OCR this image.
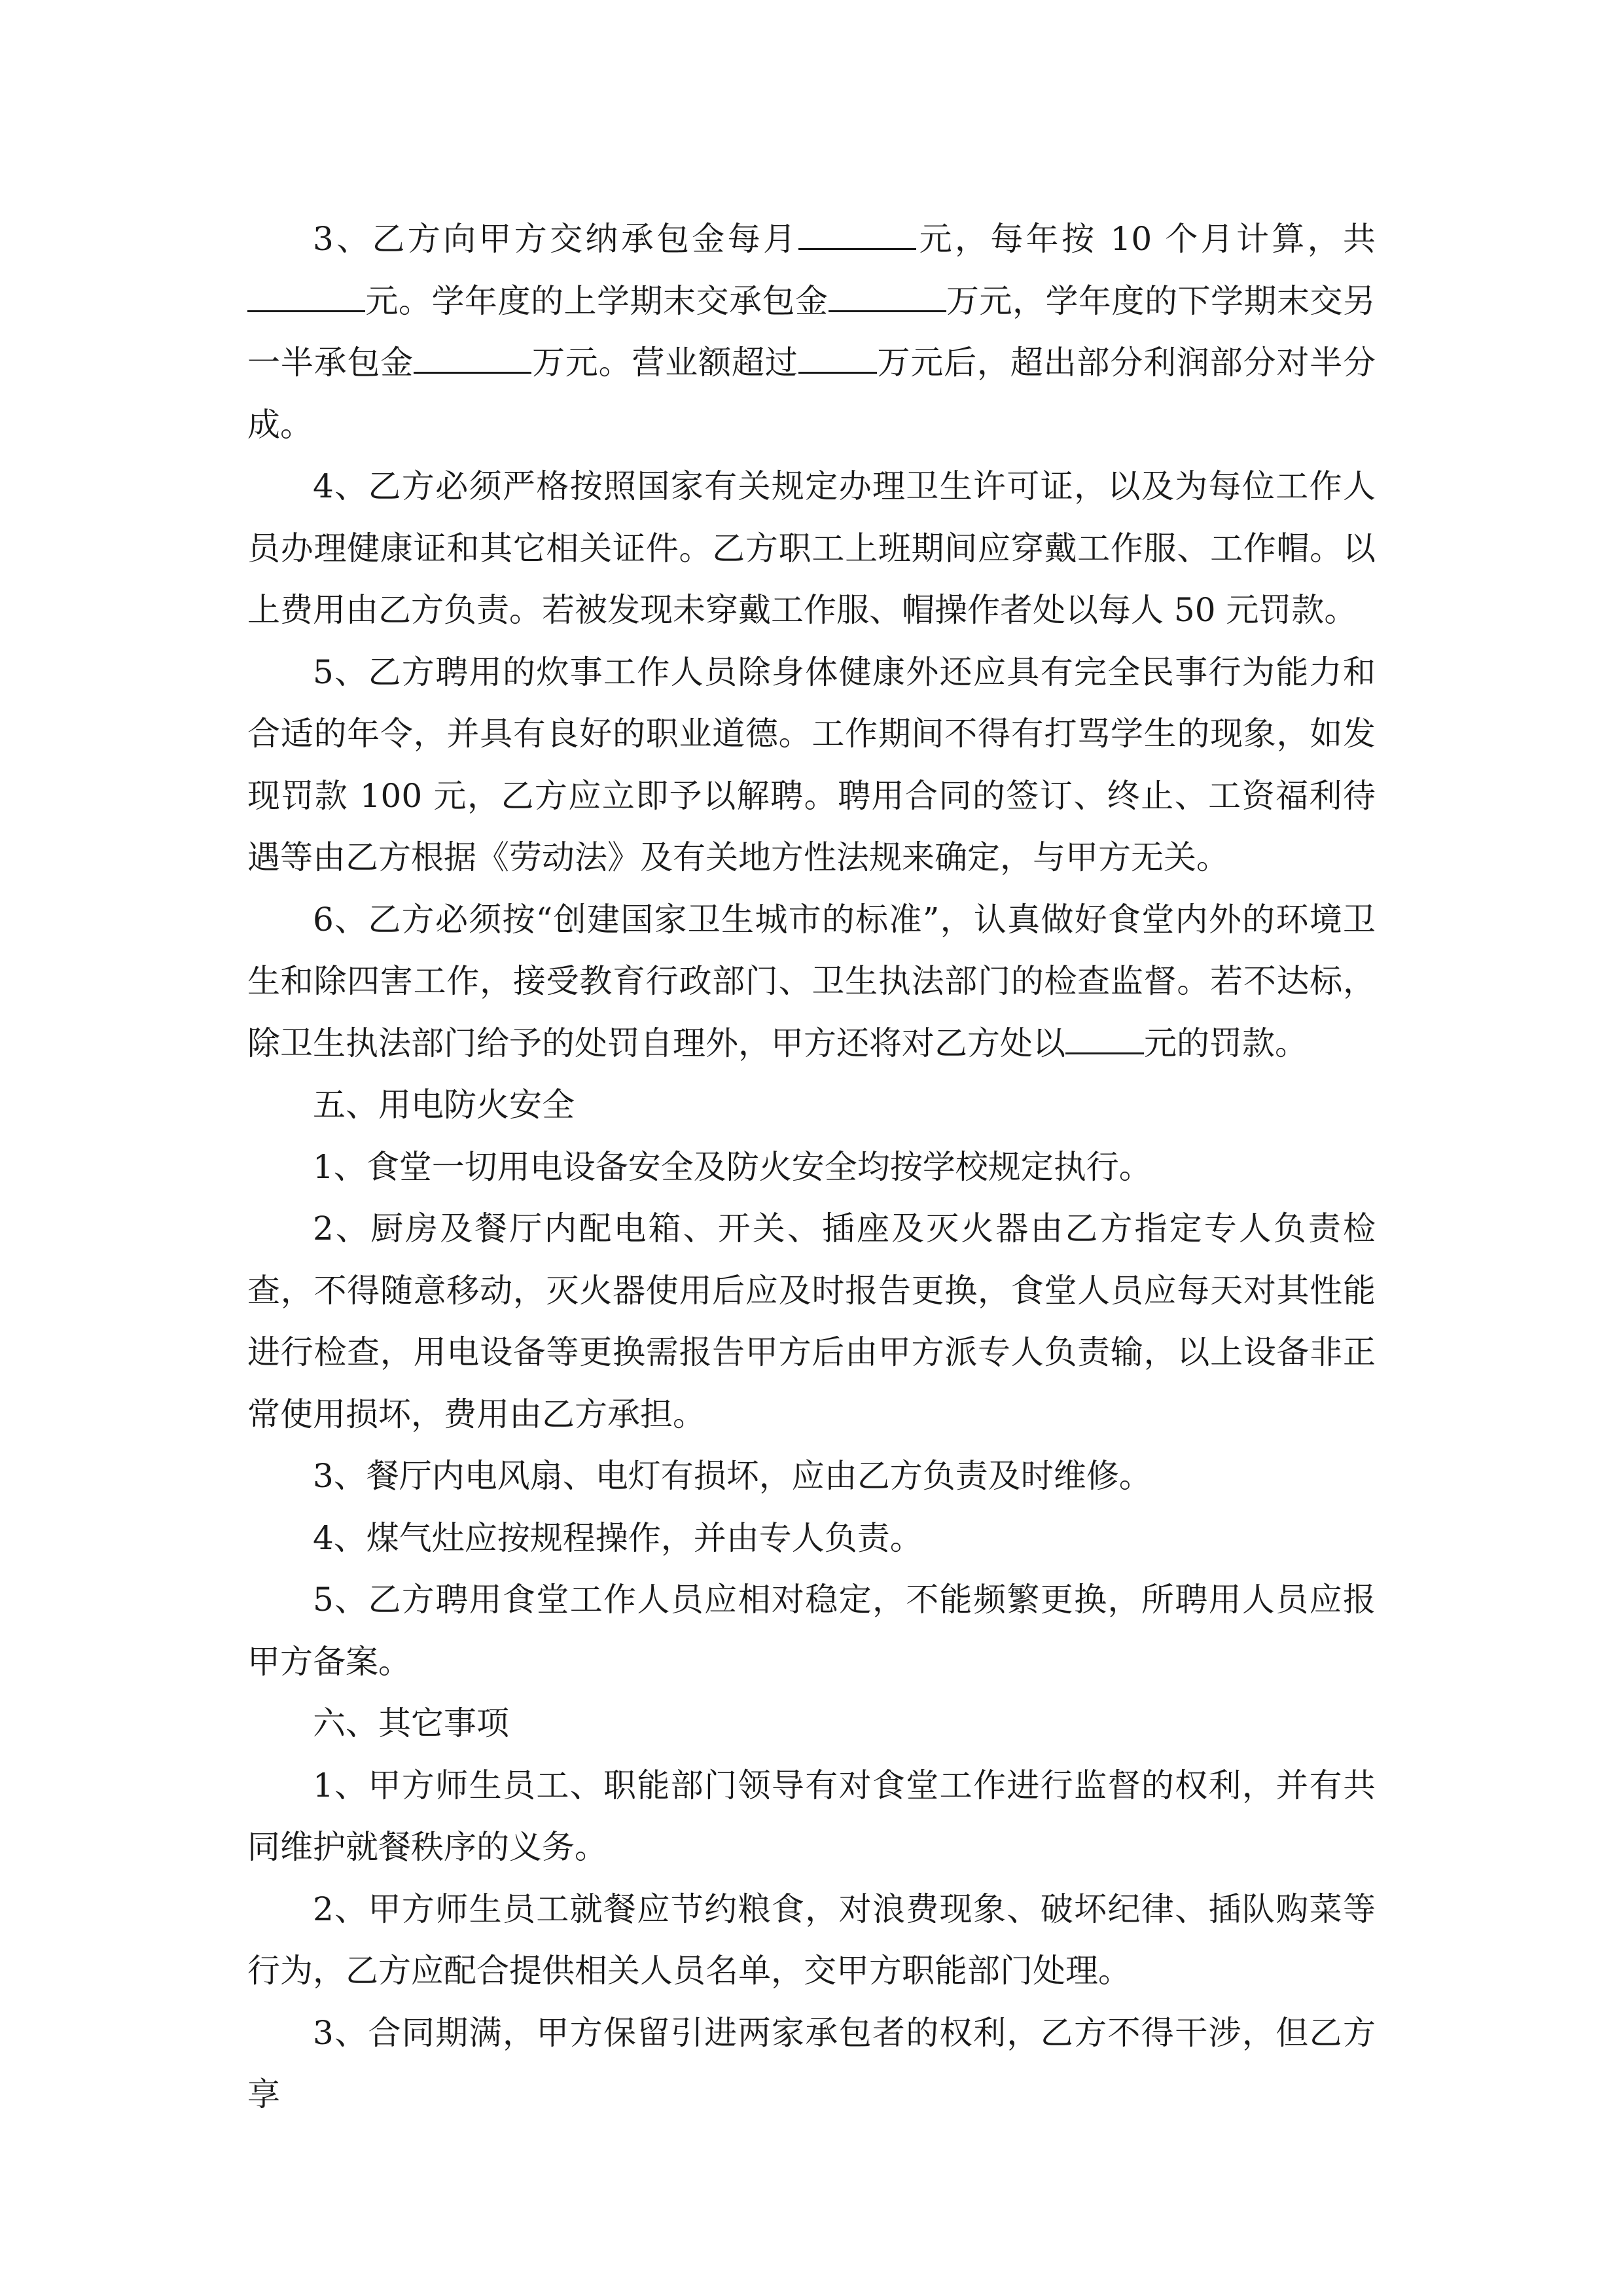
3、乙方向甲方交纳承包金每月	元，每年按 10 个月计算，共元。学年度的上学期末交承包金	万元，学年度的下学期末交另一半承包金	万元。营业额超过 万元后，超出部分利润部分对半分成。

4、乙方必须严格按照国家有关规定办理卫生许可证，以及为每位工作人员办理健康证和其它相关证件。乙方职工上班期间应穿戴工作服、工作帽。以上费用由乙方负责。若被发现未穿戴工作服、帽操作者处以每人 50 元罚款。

5、乙方聘用的炊事工作人员除身体健康外还应具有完全民事行为能力和合适的年令，并具有良好的职业道德。工作期间不得有打骂学生的现象，如发现罚款 100 元，乙方应立即予以解聘。聘用合同的签订、终止、工资福利待遇等由乙方根据《劳动法》及有关地方性法规来确定，与甲方无关。

6、乙方必须按“创建国家卫生城市的标准”，认真做好食堂内外的环境卫生和除四害工作，接受教育行政部门、卫生执法部门的检查监督。若不达标，除卫生执法部门给予的处罚自理外，甲方还将对乙方处以 元的罚款。

五、用电防火安全

1、食堂一切用电设备安全及防火安全均按学校规定执行。

2、厨房及餐厅内配电箱、开关、插座及灭火器由乙方指定专人负责检查，不得随意移动，灭火器使用后应及时报告更换，食堂人员应每天对其性能进行检查，用电设备等更换需报告甲方后由甲方派专人负责输，以上设备非正常使用损坏，费用由乙方承担。

3、餐厅内电风扇、电灯有损坏，应由乙方负责及时维修。

4、煤气灶应按规程操作，并由专人负责。

5、乙方聘用食堂工作人员应相对稳定，不能频繁更换，所聘用人员应报甲方备案。

六、其它事项

1、甲方师生员工、职能部门领导有对食堂工作进行监督的权利，并有共同维护就餐秩序的义务。

2、甲方师生员工就餐应节约粮食，对浪费现象、破坏纪律、插队购菜等行为，乙方应配合提供相关人员名单，交甲方职能部门处理。

3、合同期满，甲方保留引进两家承包者的权利，乙方不得干涉，但乙方享
